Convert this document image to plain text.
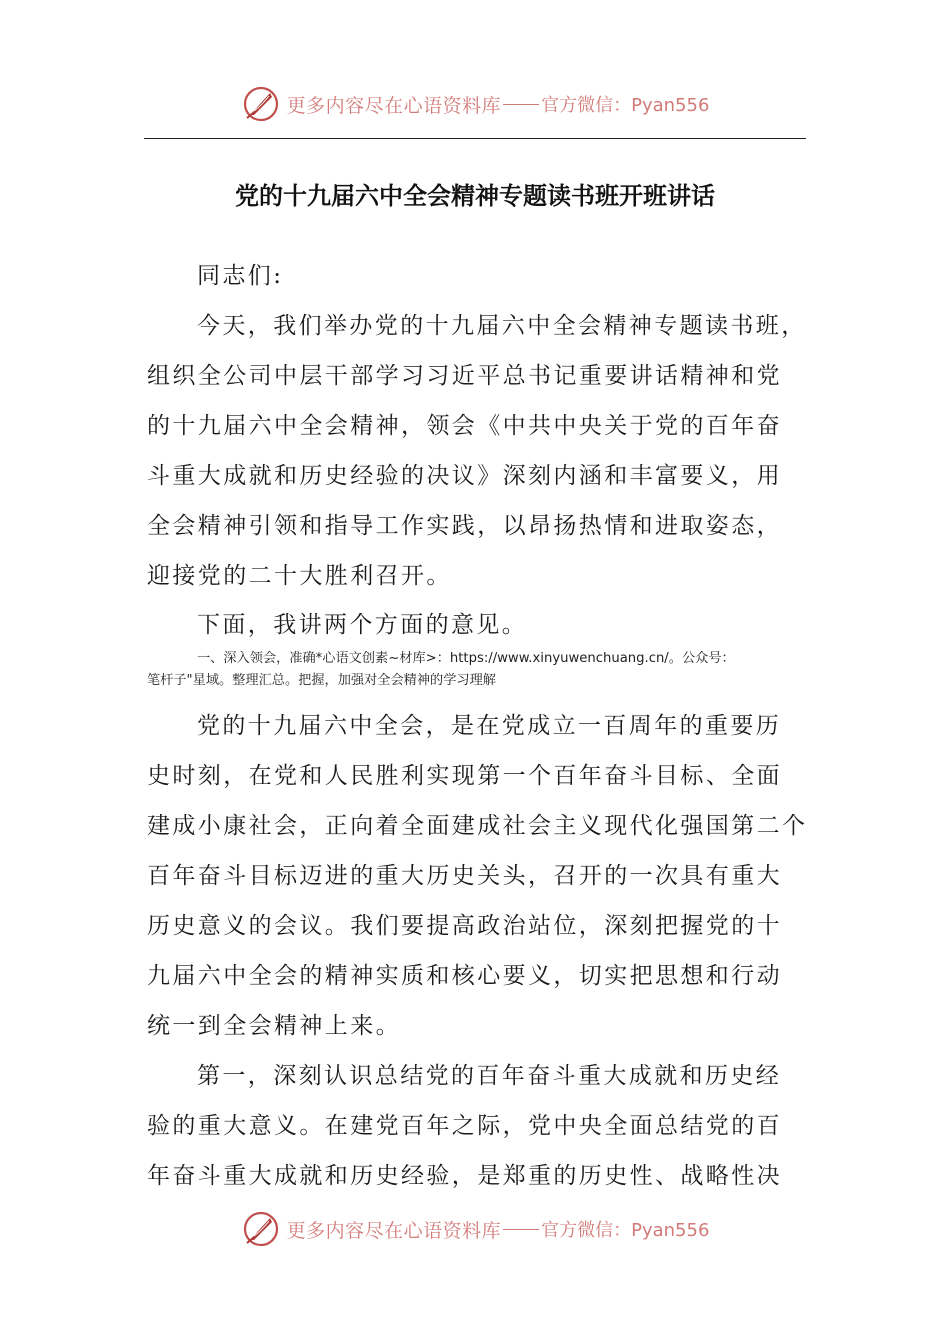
更多内容尽在心语资料库 官方微信：Pyan556
党的十九届六中全会精神专题读书班开班讲话
同志们:
今天，我们举办党的十九届六中全会精神专题读书班，
组织全公司中层干部学习习近平总书记重要讲话精神和党
的十九届六中全会精神，领会《中共中央关于党的百年奋
斗重大成就和历史经验的决议》深刻内涵和丰富要义，用
全会精神引领和指导工作实践，以昂扬热情和进取姿态，
迎接党的二十大胜利召开。
下面，我讲两个方面的意见。
一、深入领会，准确*心语文创素~材库>：https://www.xinyuwenchuang.cn/。公众号：
笔杆子"星域。整理汇总。把握，加强对全会精神的学习理解
党的十九届六中全会，是在党成立一百周年的重要历
史时刻，在党和人民胜利实现第一个百年奋斗目标、全面
建成小康社会，正向着全面建成社会主义现代化强国第二个
百年奋斗目标迈进的重大历史关头，召开的一次具有重大
历史意义的会议。我们要提高政治站位，深刻把握党的十
九届六中全会的精神实质和核心要义，切实把思想和行动
统一到全会精神上来。
第一，深刻认识总结党的百年奋斗重大成就和历史经
验的重大意义。在建党百年之际，党中央全面总结党的百
年奋斗重大成就和历史经验，是郑重的历史性、战略性决
更多内容尽在心语资料库 官方微信：Pyan556
